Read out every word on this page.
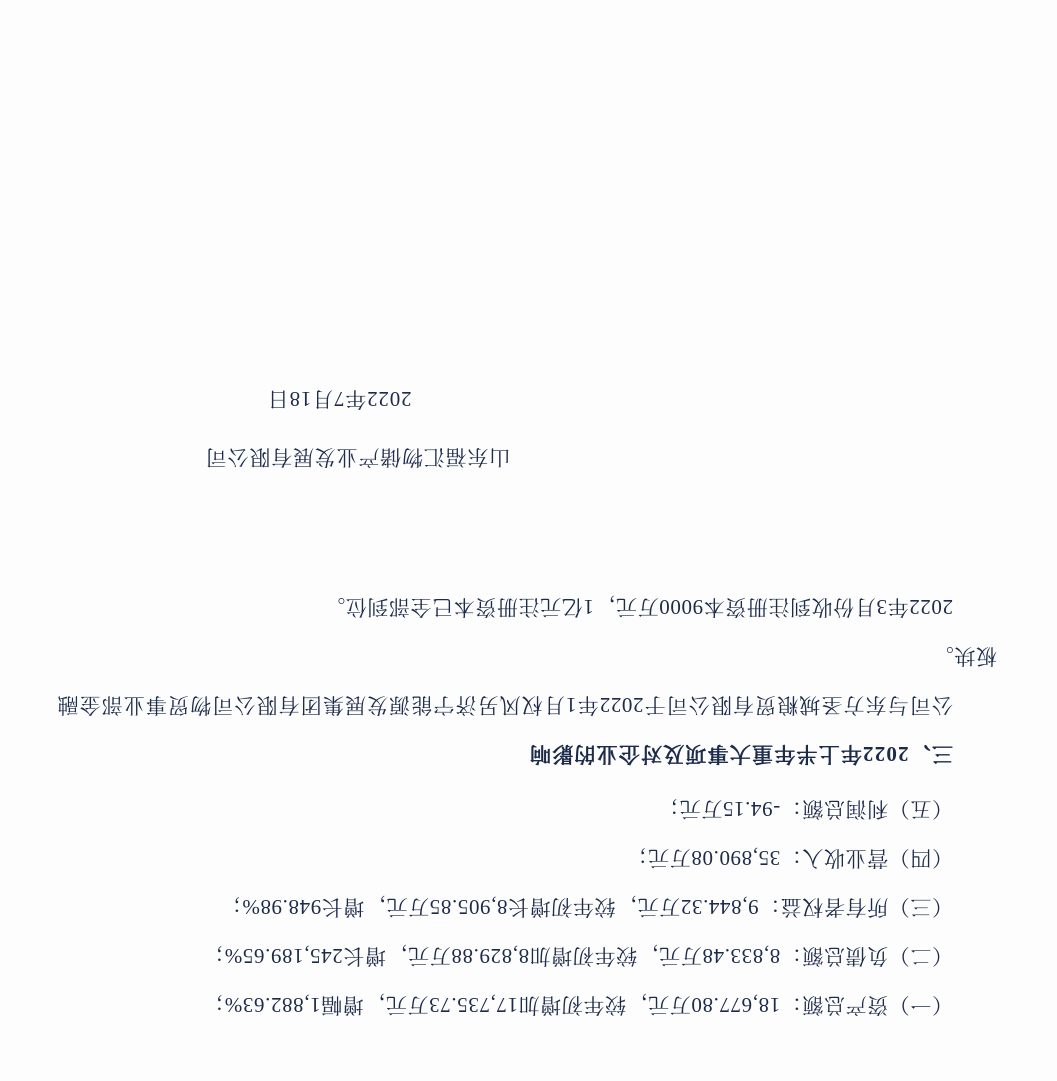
（一）资产总额：18,677.80万元，较年初增加17,735.73万元，增幅1,882.63%；

（二）负债总额：8,833.48万元，较年初增加8,829.88万元，增长245,189.65%；

（三）所有者权益：9,844.32万元，较年初增长8,905.85万元，增长948.98%；

（四）营业收入：35,890.08万元；

（五）利润总额：-94.15万元；

三、2022年上半年重大事项及对企业的影响

公司与东方圣城粮贸有限公司于2022年1月权风另济宁能源发展集团有限公司物贸事业部金融板块。

2022年3月份收到注册资本9000万元，1亿元注册资本已全部到位。

山东福汇物储产业发展有限公司
2022年7月18日
